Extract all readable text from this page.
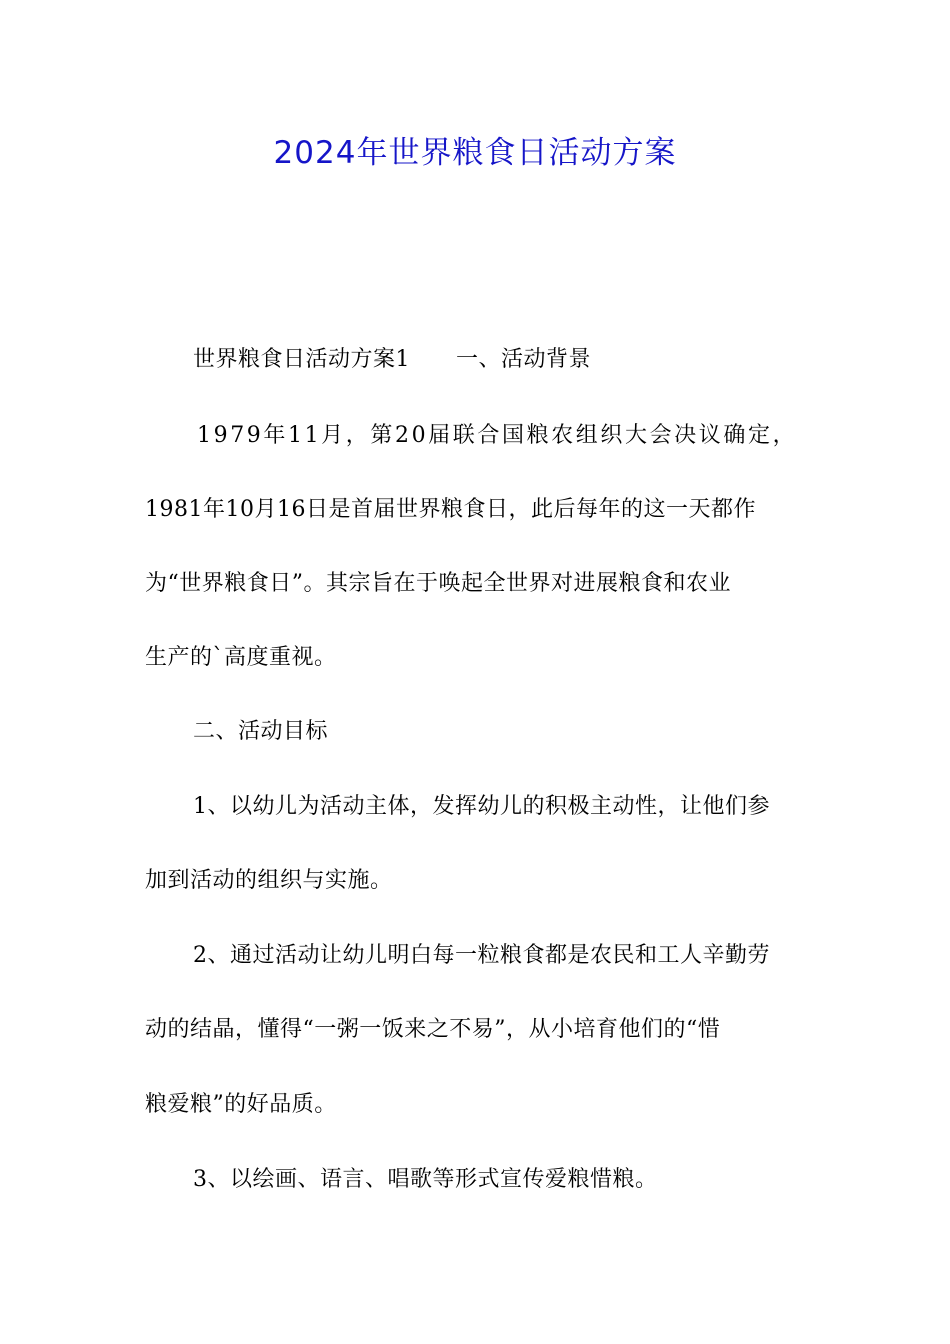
2024年世界粮食日活动方案
世界粮食日活动方案1 一、活动背景
1979年11月，第20届联合国粮农组织大会决议确定，
1981年10月16日是首届世界粮食日，此后每年的这一天都作
为“世界粮食日”。其宗旨在于唤起全世界对进展粮食和农业
生产的`高度重视。
二、活动目标
1、以幼儿为活动主体，发挥幼儿的积极主动性，让他们参
加到活动的组织与实施。
2、通过活动让幼儿明白每一粒粮食都是农民和工人辛勤劳
动的结晶，懂得“一粥一饭来之不易”，从小培育他们的“惜
粮爱粮”的好品质。
3、以绘画、语言、唱歌等形式宣传爱粮惜粮。
